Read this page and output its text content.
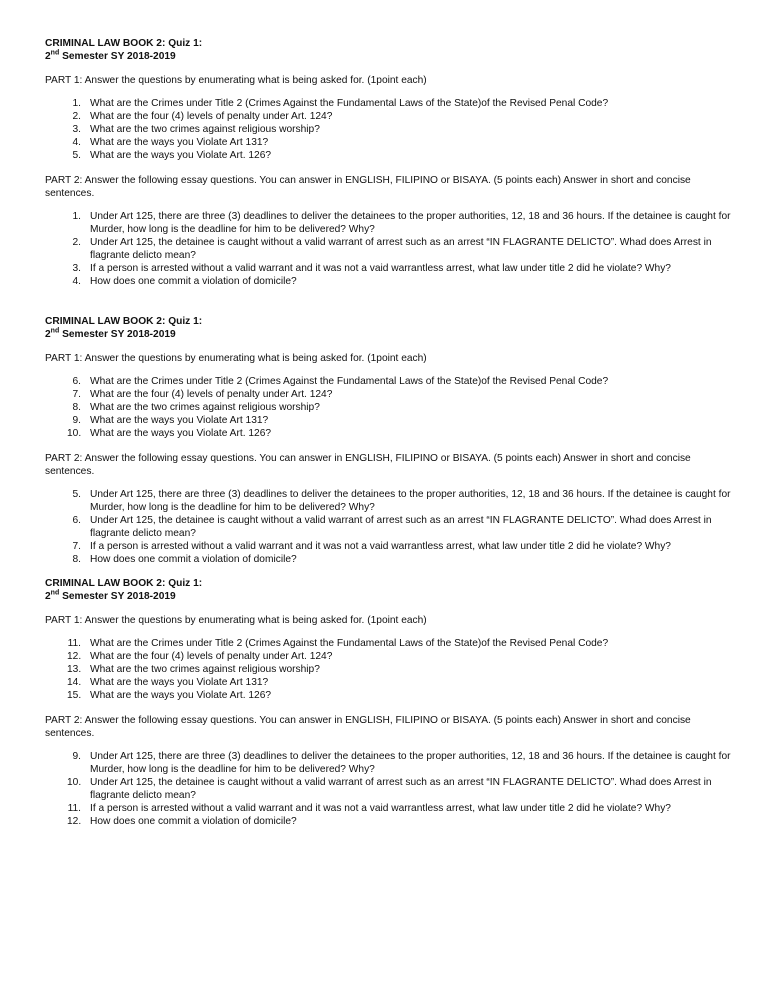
CRIMINAL LAW BOOK 2: Quiz 1:
2nd Semester SY 2018-2019
PART 1: Answer the questions by enumerating what is being asked for. (1point each)
1. What are the Crimes under Title 2 (Crimes Against the Fundamental Laws of the State)of the Revised Penal Code?
2. What are the four (4) levels of penalty under Art. 124?
3. What are the two crimes against religious worship?
4. What are the ways you Violate Art 131?
5. What are the ways you Violate Art. 126?
PART 2: Answer the following essay questions. You can answer in ENGLISH, FILIPINO or BISAYA. (5 points each) Answer in short and concise sentences.
1. Under Art 125, there are three (3) deadlines to deliver the detainees to the proper authorities, 12, 18 and 36 hours. If the detainee is caught for Murder, how long is the deadline for him to be delivered? Why?
2. Under Art 125, the detainee is caught without a valid warrant of arrest such as an arrest “IN FLAGRANTE DELICTO”. Whad does Arrest in flagrante delicto mean?
3. If a person is arrested without a valid warrant and it was not a vaid warrantless arrest, what law under title 2 did he violate? Why?
4. How does one commit a violation of domicile?
CRIMINAL LAW BOOK 2: Quiz 1:
2nd Semester SY 2018-2019
PART 1: Answer the questions by enumerating what is being asked for. (1point each)
6. What are the Crimes under Title 2 (Crimes Against the Fundamental Laws of the State)of the Revised Penal Code?
7. What are the four (4) levels of penalty under Art. 124?
8. What are the two crimes against religious worship?
9. What are the ways you Violate Art 131?
10. What are the ways you Violate Art. 126?
PART 2: Answer the following essay questions. You can answer in ENGLISH, FILIPINO or BISAYA. (5 points each) Answer in short and concise sentences.
5. Under Art 125, there are three (3) deadlines to deliver the detainees to the proper authorities, 12, 18 and 36 hours. If the detainee is caught for Murder, how long is the deadline for him to be delivered? Why?
6. Under Art 125, the detainee is caught without a valid warrant of arrest such as an arrest “IN FLAGRANTE DELICTO”. Whad does Arrest in flagrante delicto mean?
7. If a person is arrested without a valid warrant and it was not a vaid warrantless arrest, what law under title 2 did he violate? Why?
8. How does one commit a violation of domicile?
CRIMINAL LAW BOOK 2: Quiz 1:
2nd Semester SY 2018-2019
PART 1: Answer the questions by enumerating what is being asked for. (1point each)
11. What are the Crimes under Title 2 (Crimes Against the Fundamental Laws of the State)of the Revised Penal Code?
12. What are the four (4) levels of penalty under Art. 124?
13. What are the two crimes against religious worship?
14. What are the ways you Violate Art 131?
15. What are the ways you Violate Art. 126?
PART 2: Answer the following essay questions. You can answer in ENGLISH, FILIPINO or BISAYA. (5 points each) Answer in short and concise sentences.
9. Under Art 125, there are three (3) deadlines to deliver the detainees to the proper authorities, 12, 18 and 36 hours. If the detainee is caught for Murder, how long is the deadline for him to be delivered? Why?
10. Under Art 125, the detainee is caught without a valid warrant of arrest such as an arrest “IN FLAGRANTE DELICTO”. Whad does Arrest in flagrante delicto mean?
11. If a person is arrested without a valid warrant and it was not a vaid warrantless arrest, what law under title 2 did he violate? Why?
12. How does one commit a violation of domicile?
